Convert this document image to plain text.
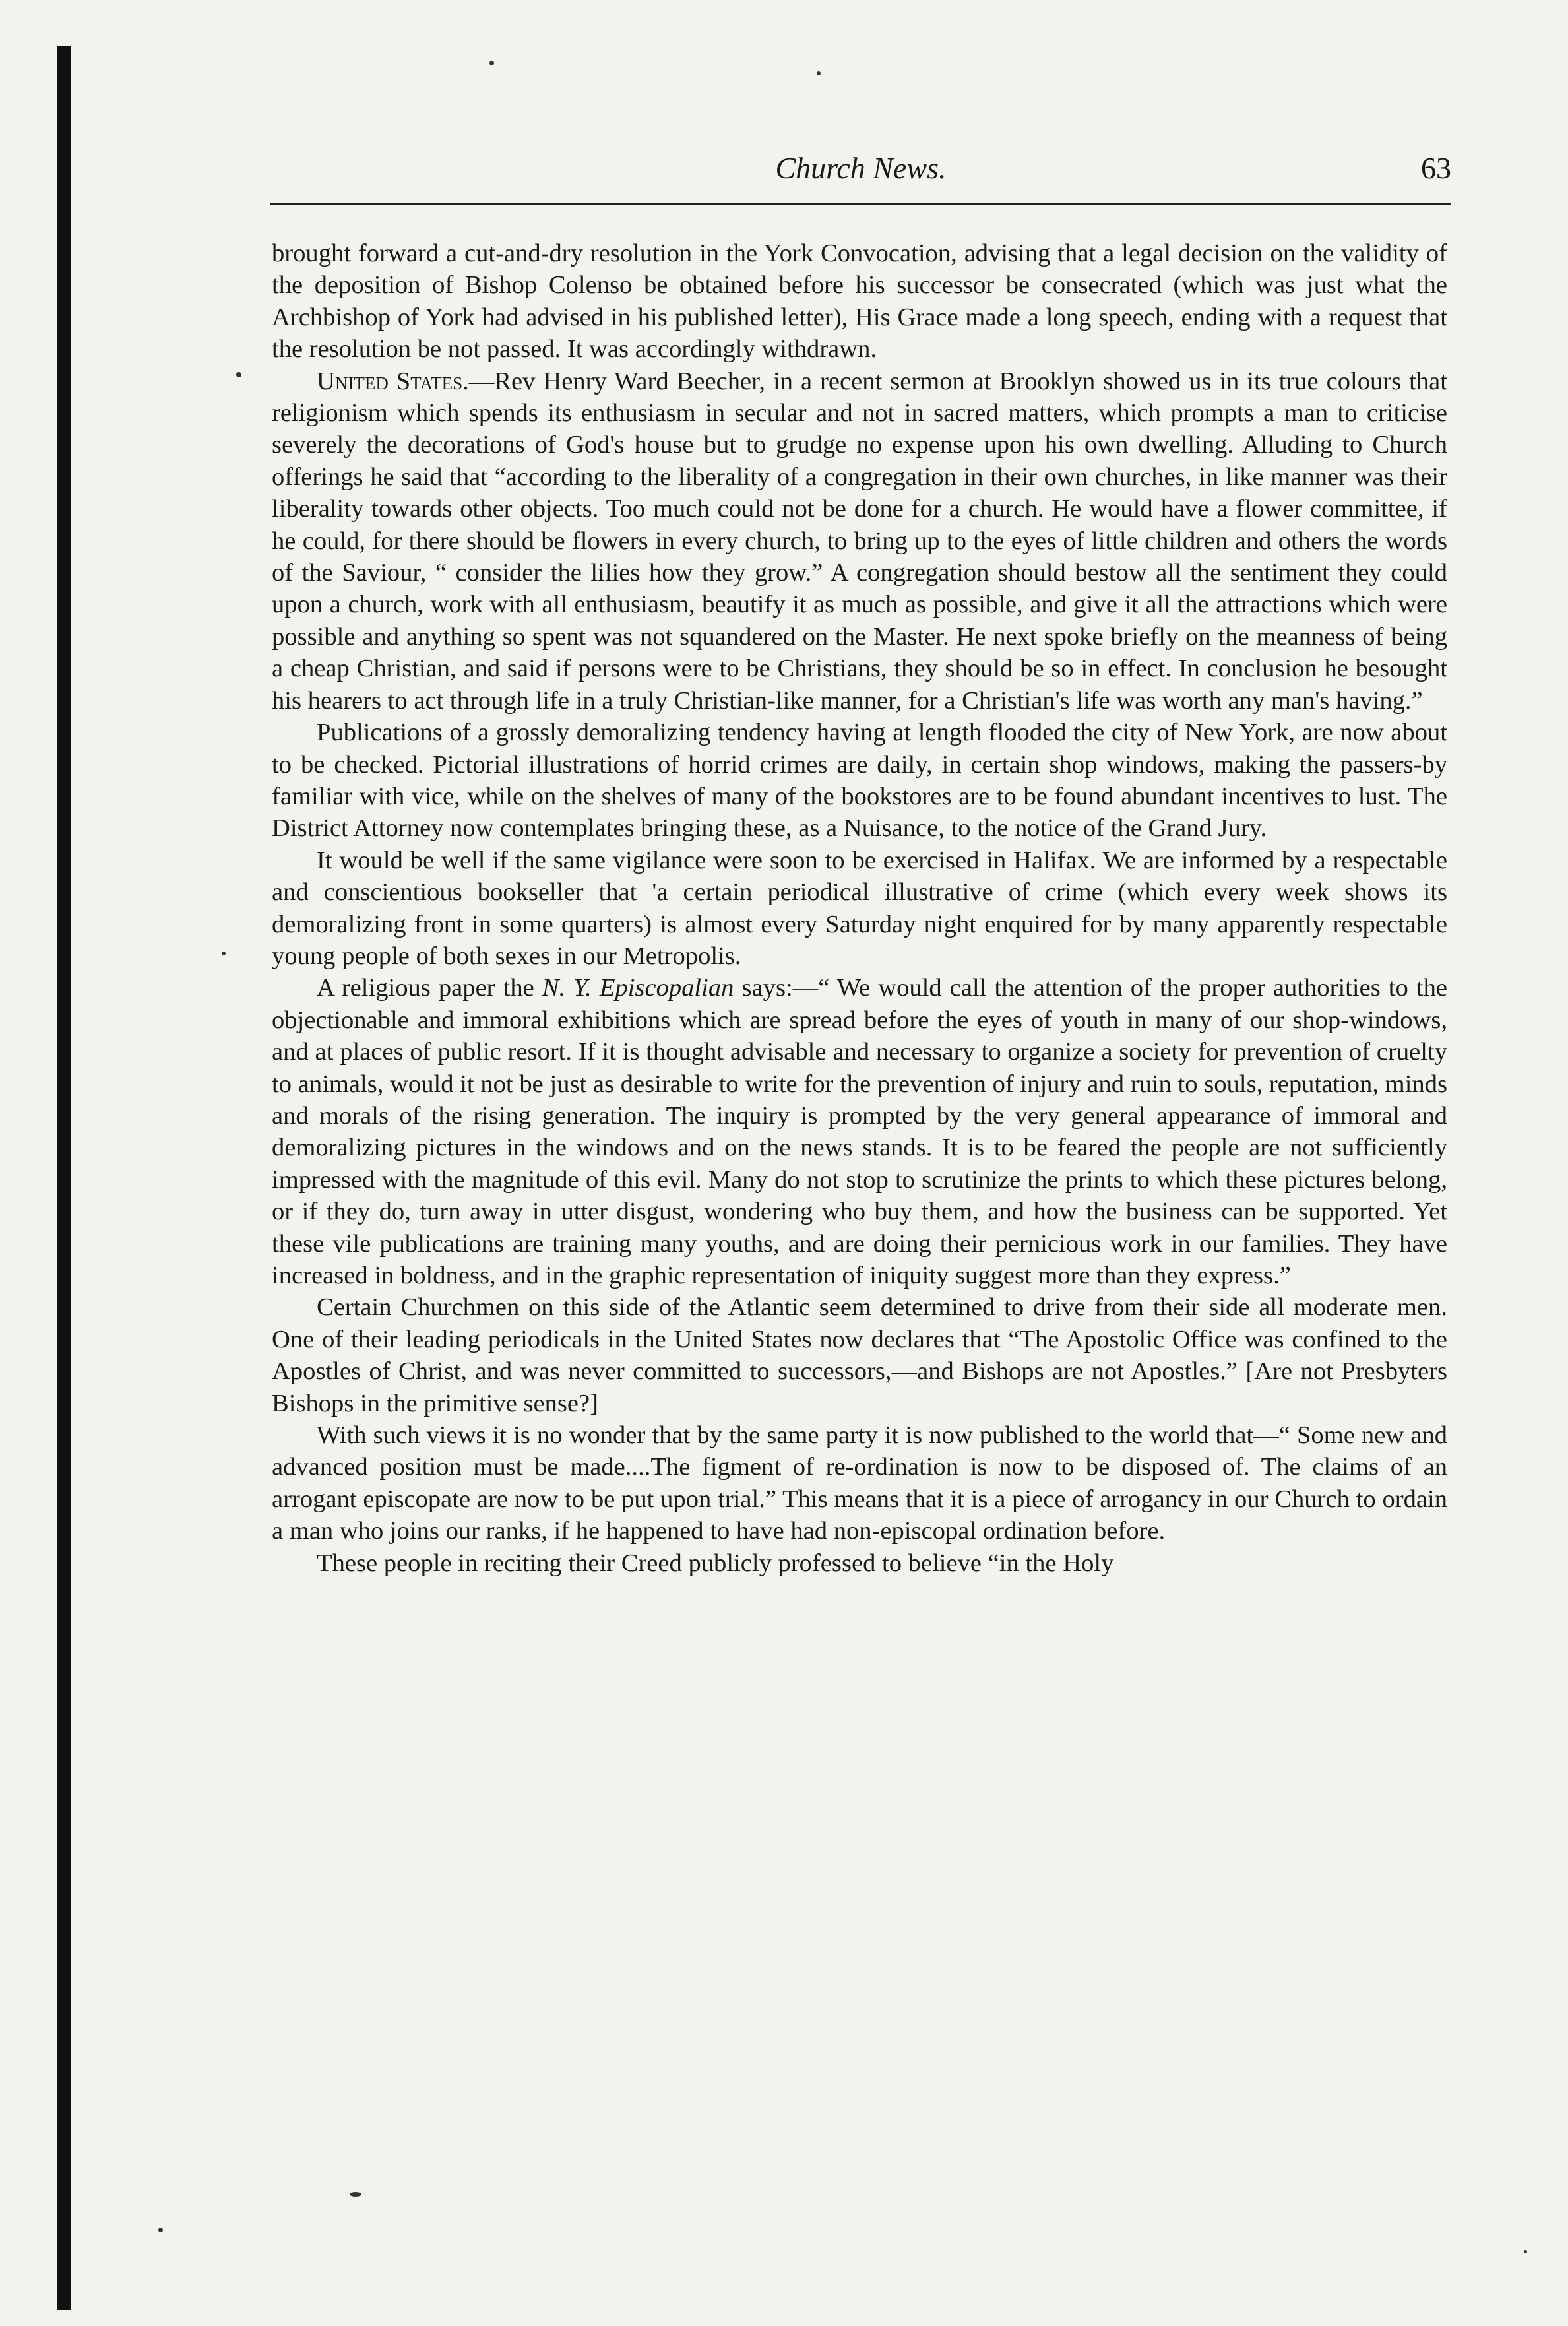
Church News.	63

brought forward a cut-and-dry resolution in the York Convocation, advising that a legal decision on the validity of the deposition of Bishop Colenso be obtained before his successor be consecrated (which was just what the Archbishop of York had advised in his published letter), His Grace made a long speech, ending with a request that the resolution be not passed. It was accordingly withdrawn.

United States.—Rev Henry Ward Beecher, in a recent sermon at Brooklyn showed us in its true colours that religionism which spends its enthusiasm in secular and not in sacred matters, which prompts a man to criticise severely the decorations of God's house but to grudge no expense upon his own dwelling. Alluding to Church offerings he said that “according to the liberality of a congregation in their own churches, in like manner was their liberality towards other objects. Too much could not be done for a church. He would have a flower committee, if he could, for there should be flowers in every church, to bring up to the eyes of little children and others the words of the Saviour, “ consider the lilies how they grow.” A congregation should bestow all the sentiment they could upon a church, work with all enthusiasm, beautify it as much as possible, and give it all the attractions which were possible and anything so spent was not squandered on the Master. He next spoke briefly on the meanness of being a cheap Christian, and said if persons were to be Christians, they should be so in effect. In conclusion he besought his hearers to act through life in a truly Christian-like manner, for a Christian's life was worth any man's having.”

Publications of a grossly demoralizing tendency having at length flooded the city of New York, are now about to be checked. Pictorial illustrations of horrid crimes are daily, in certain shop windows, making the passers-by familiar with vice, while on the shelves of many of the bookstores are to be found abundant incentives to lust. The District Attorney now contemplates bringing these, as a Nuisance, to the notice of the Grand Jury.

It would be well if the same vigilance were soon to be exercised in Halifax. We are informed by a respectable and conscientious bookseller that 'a certain periodical illustrative of crime (which every week shows its demoralizing front in some quarters) is almost every Saturday night enquired for by many apparently respectable young people of both sexes in our Metropolis.

A religious paper the N. Y. Episcopalian says:—“ We would call the attention of the proper authorities to the objectionable and immoral exhibitions which are spread before the eyes of youth in many of our shop-windows, and at places of public resort. If it is thought advisable and necessary to organize a society for prevention of cruelty to animals, would it not be just as desirable to write for the prevention of injury and ruin to souls, reputation, minds and morals of the rising generation. The inquiry is prompted by the very general appearance of immoral and demoralizing pictures in the windows and on the news stands. It is to be feared the people are not sufficiently impressed with the magnitude of this evil. Many do not stop to scrutinize the prints to which these pictures belong, or if they do, turn away in utter disgust, wondering who buy them, and how the business can be supported. Yet these vile publications are training many youths, and are doing their pernicious work in our families. They have increased in boldness, and in the graphic representation of iniquity suggest more than they express.”

Certain Churchmen on this side of the Atlantic seem determined to drive from their side all moderate men. One of their leading periodicals in the United States now declares that “The Apostolic Office was confined to the Apostles of Christ, and was never committed to successors,—and Bishops are not Apostles.” [Are not Presbyters Bishops in the primitive sense?]

With such views it is no wonder that by the same party it is now published to the world that—“ Some new and advanced position must be made....The figment of re-ordination is now to be disposed of. The claims of an arrogant episcopate are now to be put upon trial.” This means that it is a piece of arrogancy in our Church to ordain a man who joins our ranks, if he happened to have had non-episcopal ordination before.

These people in reciting their Creed publicly professed to believe “in the Holy
